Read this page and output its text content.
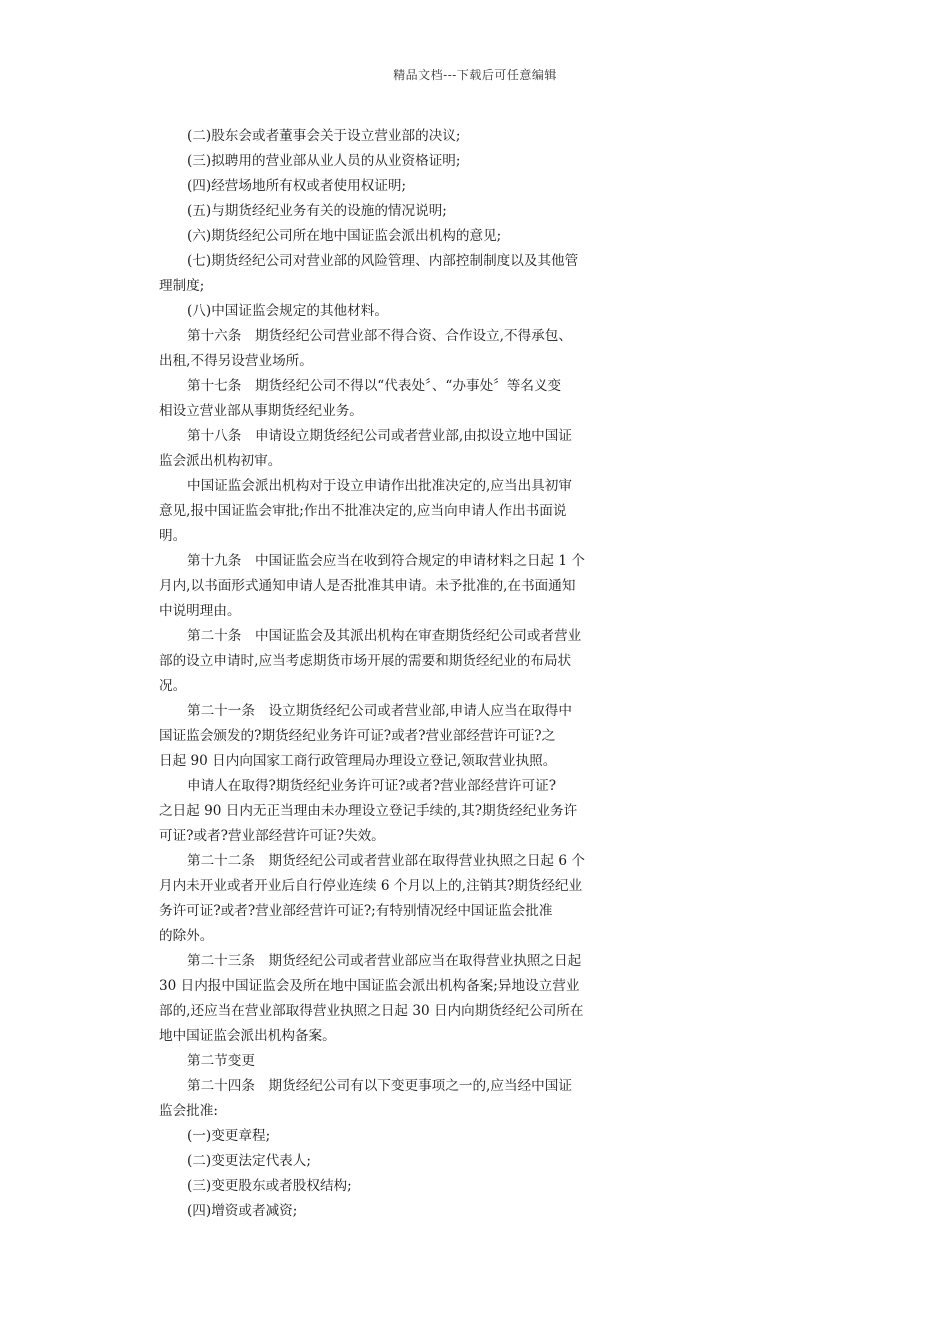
精品文档---下载后可任意编辑
(二)股东会或者董事会关于设立营业部的决议;
(三)拟聘用的营业部从业人员的从业资格证明;
(四)经营场地所有权或者使用权证明;
(五)与期货经纪业务有关的设施的情况说明;
(六)期货经纪公司所在地中国证监会派出机构的意见;
(七)期货经纪公司对营业部的风险管理、内部控制制度以及其他管
理制度;
(八)中国证监会规定的其他材料。
第十六条　期货经纪公司营业部不得合资、合作设立,不得承包、
出租,不得另设营业场所。
第十七条　期货经纪公司不得以“代表处〞、“办事处〞等名义变
相设立营业部从事期货经纪业务。
第十八条　申请设立期货经纪公司或者营业部,由拟设立地中国证
监会派出机构初审。
中国证监会派出机构对于设立申请作出批准决定的,应当出具初审
意见,报中国证监会审批;作出不批准决定的,应当向申请人作出书面说
明。
第十九条　中国证监会应当在收到符合规定的申请材料之日起 1 个
月内,以书面形式通知申请人是否批准其申请。未予批准的,在书面通知
中说明理由。
第二十条　中国证监会及其派出机构在审查期货经纪公司或者营业
部的设立申请时,应当考虑期货市场开展的需要和期货经纪业的布局状
况。
第二十一条　设立期货经纪公司或者营业部,申请人应当在取得中
国证监会颁发的?期货经纪业务许可证?或者?营业部经营许可证?之
日起 90 日内向国家工商行政管理局办理设立登记,领取营业执照。
申请人在取得?期货经纪业务许可证?或者?营业部经营许可证?
之日起 90 日内无正当理由未办理设立登记手续的,其?期货经纪业务许
可证?或者?营业部经营许可证?失效。
第二十二条　期货经纪公司或者营业部在取得营业执照之日起 6 个
月内未开业或者开业后自行停业连续 6 个月以上的,注销其?期货经纪业
务许可证?或者?营业部经营许可证?;有特别情况经中国证监会批准
的除外。
第二十三条　期货经纪公司或者营业部应当在取得营业执照之日起
30 日内报中国证监会及所在地中国证监会派出机构备案;异地设立营业
部的,还应当在营业部取得营业执照之日起 30 日内向期货经纪公司所在
地中国证监会派出机构备案。
第二节变更
第二十四条　期货经纪公司有以下变更事项之一的,应当经中国证
监会批准:
(一)变更章程;
(二)变更法定代表人;
(三)变更股东或者股权结构;
(四)增资或者减资;
